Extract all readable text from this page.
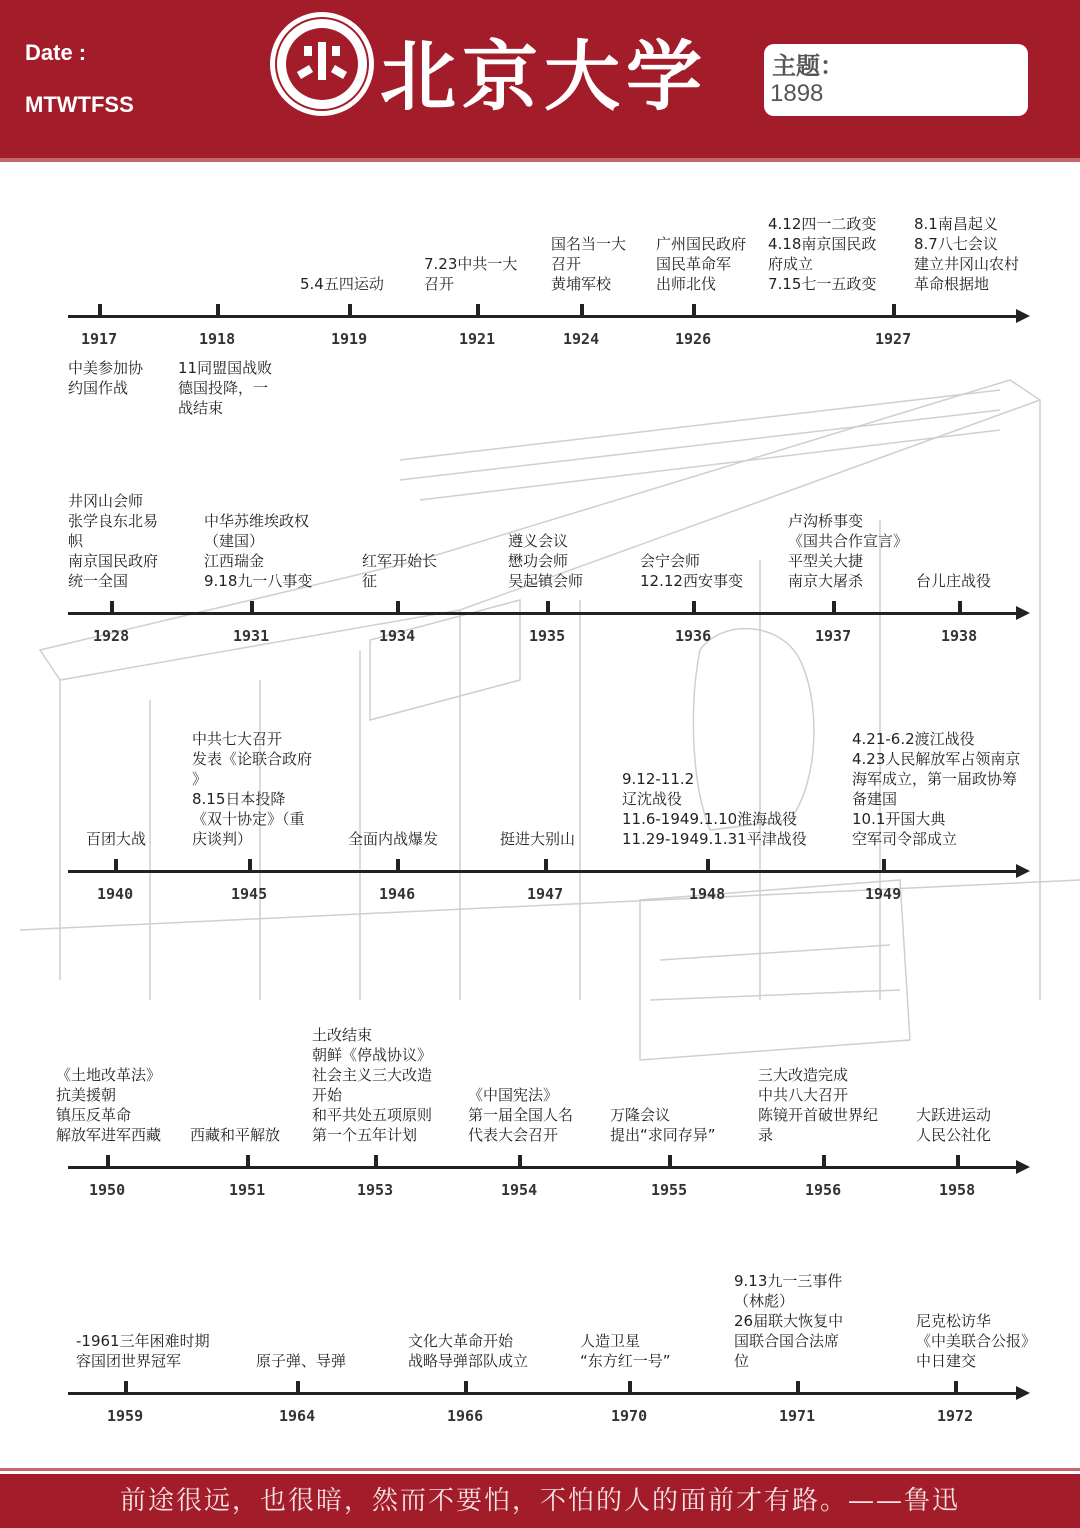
Date :
MTWTFSS	北京大学	主题：
1898
1917
中美参加协
约国作战
1918
11同盟国战败
德国投降，一
战结束
1919
5.4五四运动
1921
7.23中共一大
召开
1924
国名当一大
召开
黄埔军校
1926
广州国民政府
国民革命军
出师北伐
1927
4.12四一二政变
4.18南京国民政
府成立
7.15七一五政变
8.1南昌起义
8.7八七会议
建立井冈山农村
革命根据地
1928
井冈山会师
张学良东北易
帜
南京国民政府
统一全国
1931
中华苏维埃政权
（建国）
江西瑞金
9.18九一八事变
1934
红军开始长
征
1935
遵义会议
懋功会师
吴起镇会师
1936
会宁会师
12.12西安事变
1937
卢沟桥事变
《国共合作宣言》
平型关大捷
南京大屠杀
1938
台儿庄战役
1940
百团大战
1945
中共七大召开
发表《论联合政府
》
8.15日本投降
《双十协定》（重
庆谈判）
1946
全面内战爆发
1947
挺进大别山
1948
9.12-11.2
辽沈战役
11.6-1949.1.10淮海战役
11.29-1949.1.31平津战役
1949
4.21-6.2渡江战役
4.23人民解放军占领南京
海军成立，第一届政协筹
备建国
10.1开国大典
空军司令部成立
1950
《土地改革法》
抗美援朝
镇压反革命
解放军进军西藏
1951
西藏和平解放
1953
土改结束
朝鲜《停战协议》
社会主义三大改造
开始
和平共处五项原则
第一个五年计划
1954
《中国宪法》
第一届全国人名
代表大会召开
1955
万隆会议
提出“求同存异”
1956
三大改造完成
中共八大召开
陈镜开首破世界纪
录
1958
大跃进运动
人民公社化
1959
-1961三年困难时期
容国团世界冠军
1964
原子弹、导弹
1966
文化大革命开始
战略导弹部队成立
1970
人造卫星
“东方红一号”
1971
9.13九一三事件
（林彪）
26届联大恢复中
国联合国合法席
位
1972
尼克松访华
《中美联合公报》
中日建交
前途很远，也很暗，然而不要怕，不怕的人的面前才有路。——鲁迅
